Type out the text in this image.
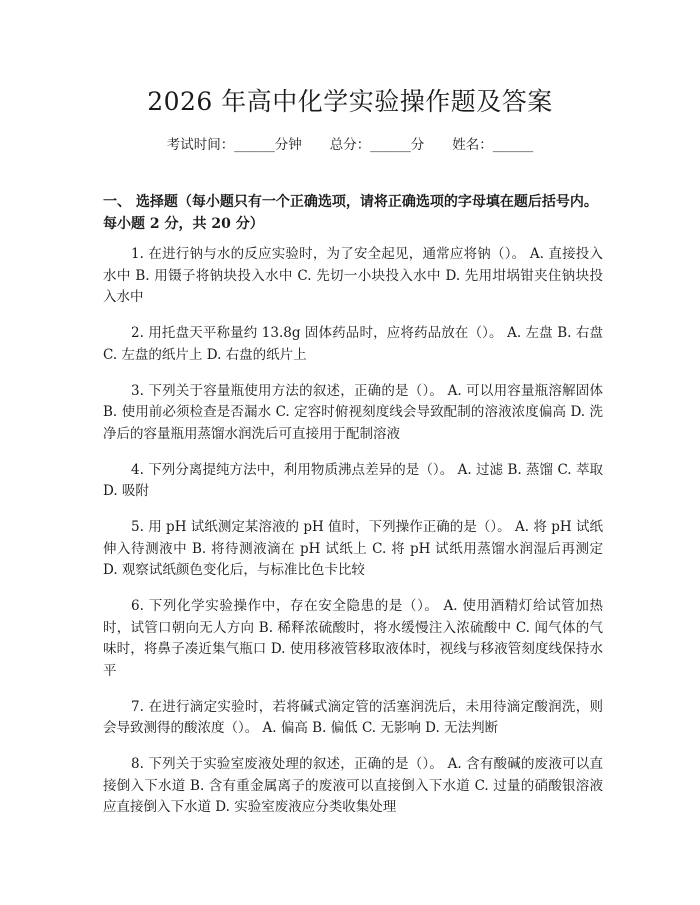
2026 年高中化学实验操作题及答案
考试时间：______分钟 总分：______分 姓名：______
一、 选择题（每小题只有一个正确选项，请将正确选项的字母填在题后括号内。每小题 2 分，共 20 分）
1. 在进行钠与水的反应实验时，为了安全起见，通常应将钠（）。 A. 直接投入水中 B. 用镊子将钠块投入水中 C. 先切一小块投入水中 D. 先用坩埚钳夹住钠块投入水中
2. 用托盘天平称量约 13.8g 固体药品时，应将药品放在（）。 A. 左盘 B. 右盘 C. 左盘的纸片上 D. 右盘的纸片上
3. 下列关于容量瓶使用方法的叙述，正确的是（）。 A. 可以用容量瓶溶解固体 B. 使用前必须检查是否漏水 C. 定容时俯视刻度线会导致配制的溶液浓度偏高 D. 洗净后的容量瓶用蒸馏水润洗后可直接用于配制溶液
4. 下列分离提纯方法中，利用物质沸点差异的是（）。 A. 过滤 B. 蒸馏 C. 萃取 D. 吸附
5. 用 pH 试纸测定某溶液的 pH 值时，下列操作正确的是（）。 A. 将 pH 试纸伸入待测液中 B. 将待测液滴在 pH 试纸上 C. 将 pH 试纸用蒸馏水润湿后再测定 D. 观察试纸颜色变化后，与标准比色卡比较
6. 下列化学实验操作中，存在安全隐患的是（）。 A. 使用酒精灯给试管加热时，试管口朝向无人方向 B. 稀释浓硫酸时，将水缓慢注入浓硫酸中 C. 闻气体的气味时，将鼻子凑近集气瓶口 D. 使用移液管移取液体时，视线与移液管刻度线保持水平
7. 在进行滴定实验时，若将碱式滴定管的活塞润洗后，未用待滴定酸润洗，则会导致测得的酸浓度（）。 A. 偏高 B. 偏低 C. 无影响 D. 无法判断
8. 下列关于实验室废液处理的叙述，正确的是（）。 A. 含有酸碱的废液可以直接倒入下水道 B. 含有重金属离子的废液可以直接倒入下水道 C. 过量的硝酸银溶液应直接倒入下水道 D. 实验室废液应分类收集处理
